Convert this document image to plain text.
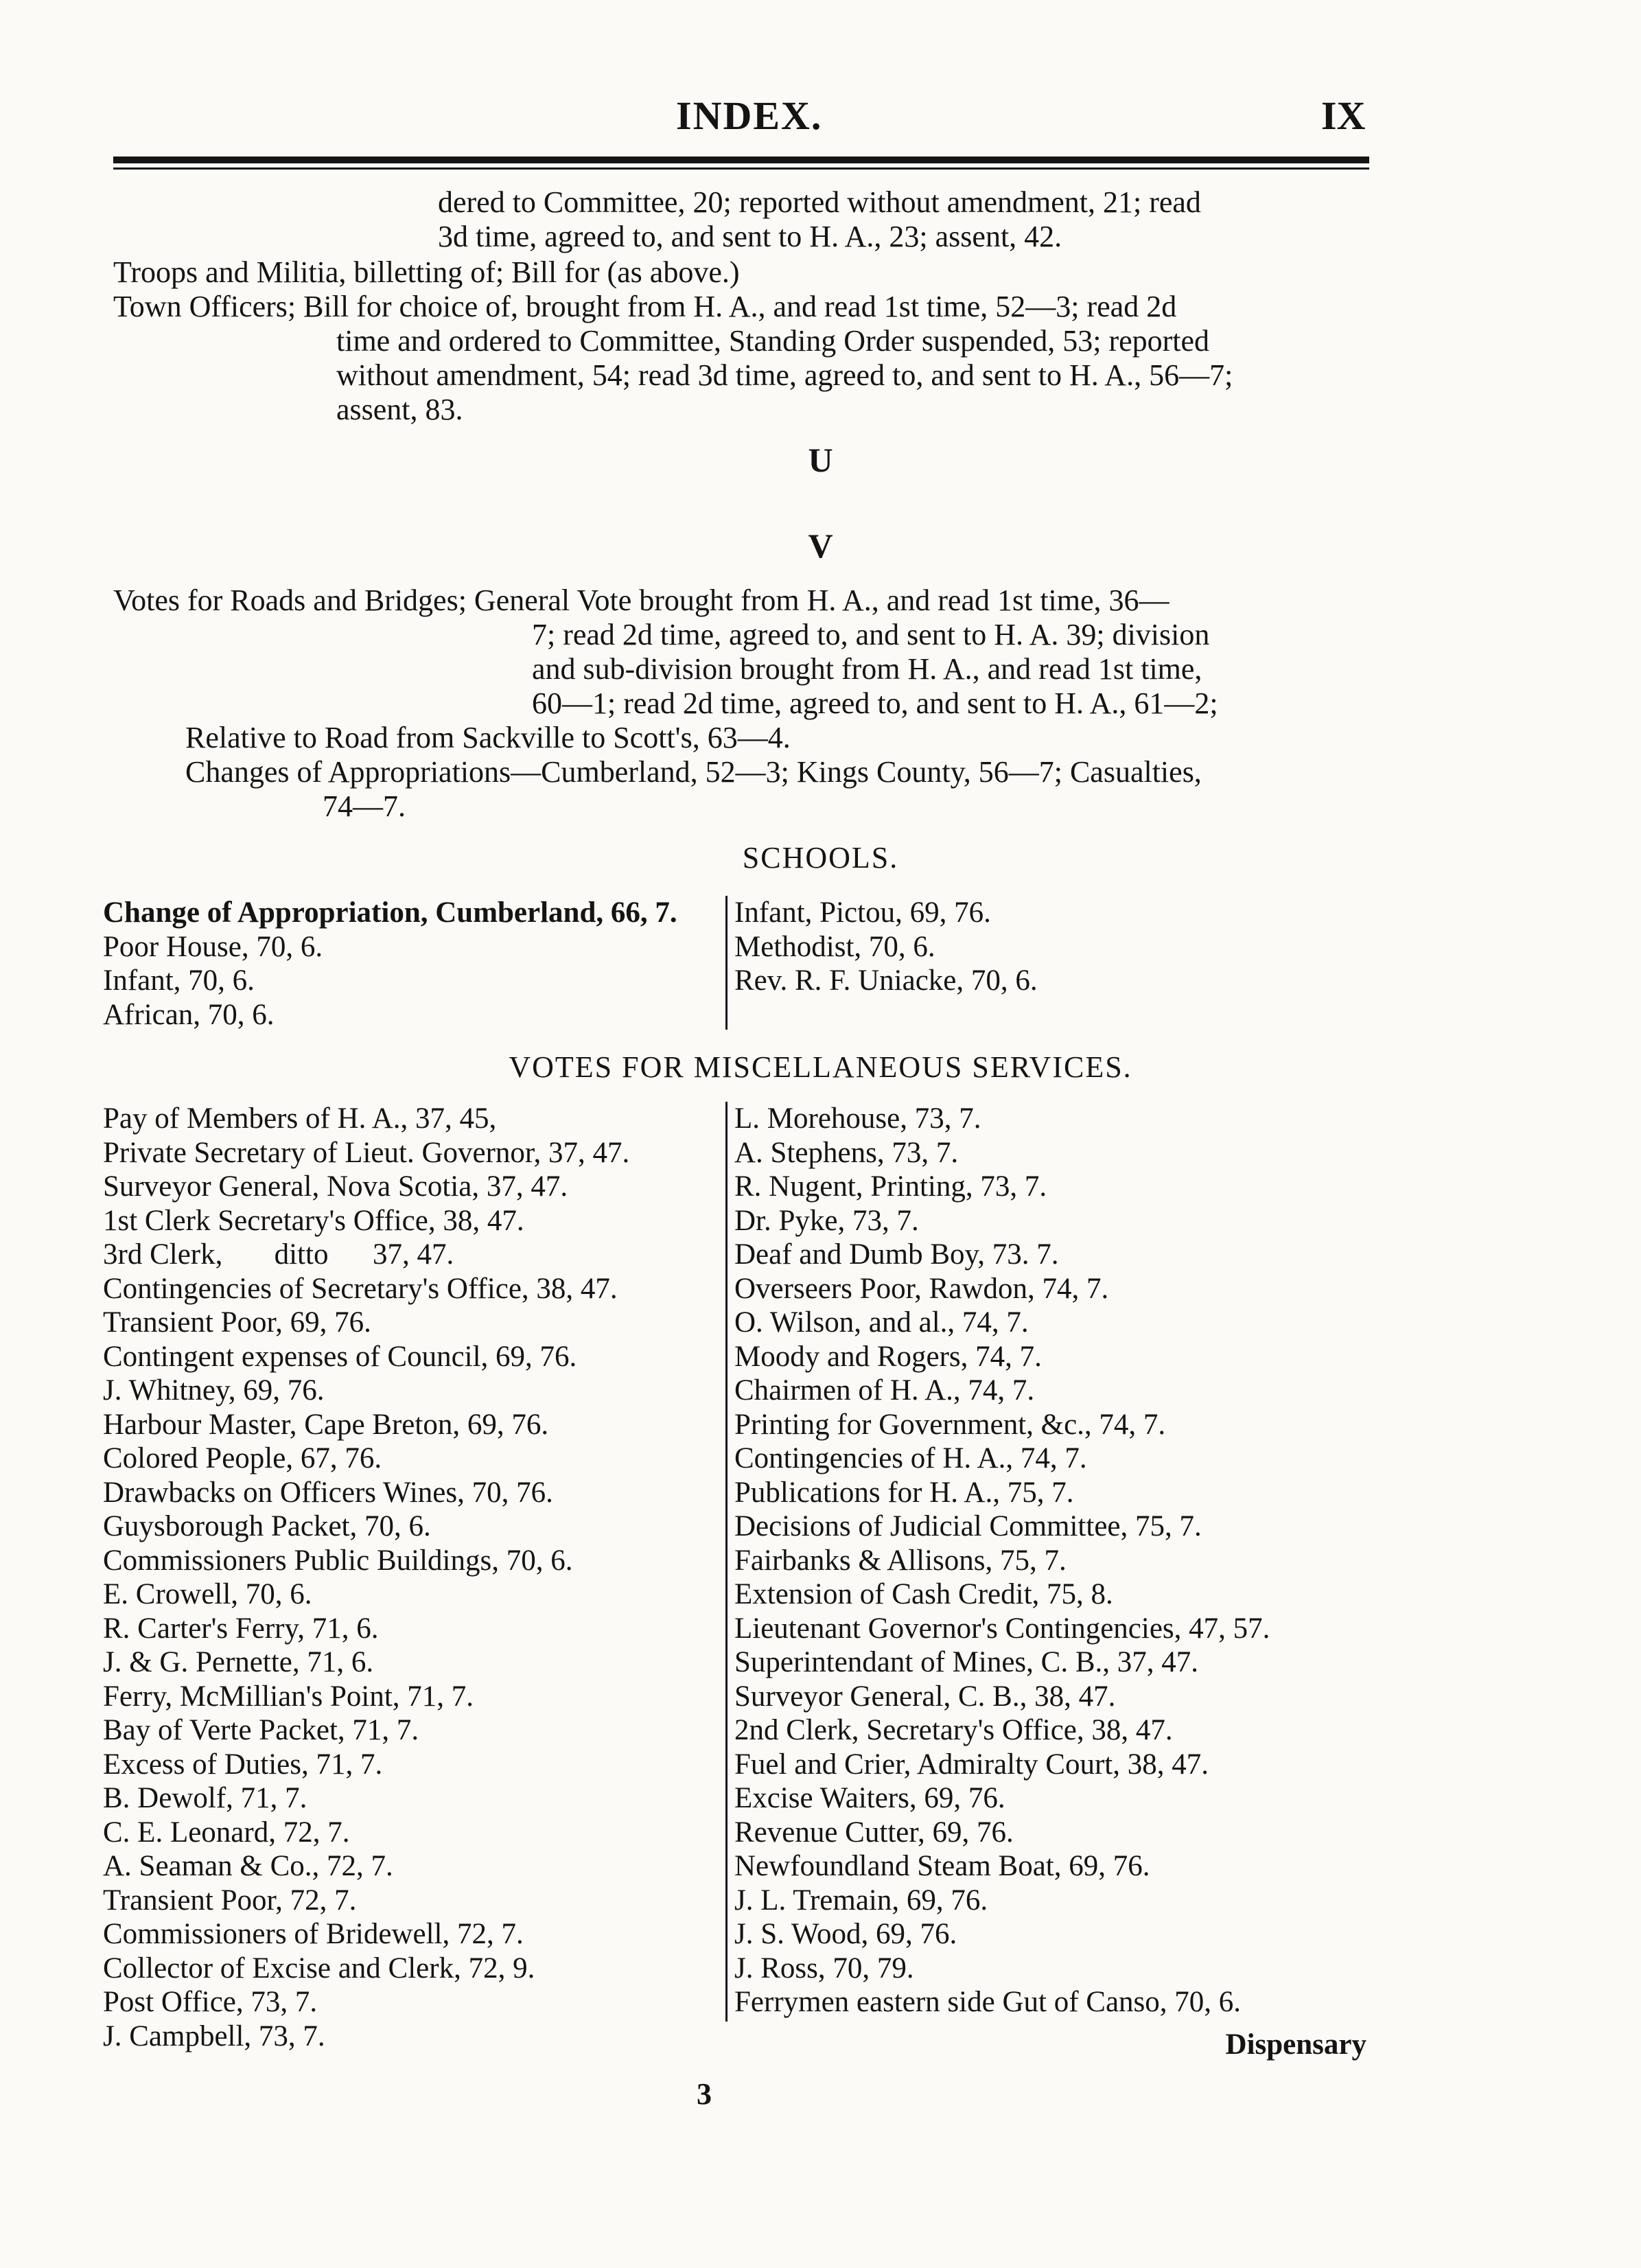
INDEX.	IX
dered to Committee, 20; reported without amendment, 21; read
3d time, agreed to, and sent to H. A., 23; assent, 42.
Troops and Militia, billetting of; Bill for (as above.)
Town Officers; Bill for choice of, brought from H. A., and read 1st time, 52—3; read 2d
time and ordered to Committee, Standing Order suspended, 53; reported
without amendment, 54; read 3d time, agreed to, and sent to H. A., 56—7;
assent, 83.
U
V
Votes for Roads and Bridges; General Vote brought from H. A., and read 1st time, 36—
7; read 2d time, agreed to, and sent to H. A. 39; division
and sub-division brought from H. A., and read 1st time,
60—1; read 2d time, agreed to, and sent to H. A., 61—2;
Relative to Road from Sackville to Scott's, 63—4.
Changes of Appropriations—Cumberland, 52—3; Kings County, 56—7; Casualties,
74—7.
SCHOOLS.
Change of Appropriation, Cumberland, 66, 7.
Poor House, 70, 6.
Infant, 70, 6.
African, 70, 6.
Infant, Pictou, 69, 76.
Methodist, 70, 6.
Rev. R. F. Uniacke, 70, 6.
VOTES FOR MISCELLANEOUS SERVICES.
Pay of Members of H. A., 37, 45,
Private Secretary of Lieut. Governor, 37, 47.
Surveyor General, Nova Scotia, 37, 47.
1st Clerk Secretary's Office, 38, 47.
3rd Clerk,       ditto      37, 47.
Contingencies of Secretary's Office, 38, 47.
Transient Poor, 69, 76.
Contingent expenses of Council, 69, 76.
J. Whitney, 69, 76.
Harbour Master, Cape Breton, 69, 76.
Colored People, 67, 76.
Drawbacks on Officers Wines, 70, 76.
Guysborough Packet, 70, 6.
Commissioners Public Buildings, 70, 6.
E. Crowell, 70, 6.
R. Carter's Ferry, 71, 6.
J. & G. Pernette, 71, 6.
Ferry, McMillian's Point, 71, 7.
Bay of Verte Packet, 71, 7.
Excess of Duties, 71, 7.
B. Dewolf, 71, 7.
C. E. Leonard, 72, 7.
A. Seaman & Co., 72, 7.
Transient Poor, 72, 7.
Commissioners of Bridewell, 72, 7.
Collector of Excise and Clerk, 72, 9.
Post Office, 73, 7.
J. Campbell, 73, 7.
L. Morehouse, 73, 7.
A. Stephens, 73, 7.
R. Nugent, Printing, 73, 7.
Dr. Pyke, 73, 7.
Deaf and Dumb Boy, 73. 7.
Overseers Poor, Rawdon, 74, 7.
O. Wilson, and al., 74, 7.
Moody and Rogers, 74, 7.
Chairmen of H. A., 74, 7.
Printing for Government, &c., 74, 7.
Contingencies of H. A., 74, 7.
Publications for H. A., 75, 7.
Decisions of Judicial Committee, 75, 7.
Fairbanks & Allisons, 75, 7.
Extension of Cash Credit, 75, 8.
Lieutenant Governor's Contingencies, 47, 57.
Superintendant of Mines, C. B., 37, 47.
Surveyor General, C. B., 38, 47.
2nd Clerk, Secretary's Office, 38, 47.
Fuel and Crier, Admiralty Court, 38, 47.
Excise Waiters, 69, 76.
Revenue Cutter, 69, 76.
Newfoundland Steam Boat, 69, 76.
J. L. Tremain, 69, 76.
J. S. Wood, 69, 76.
J. Ross, 70, 79.
Ferrymen eastern side Gut of Canso, 70, 6.
Dispensary
3
